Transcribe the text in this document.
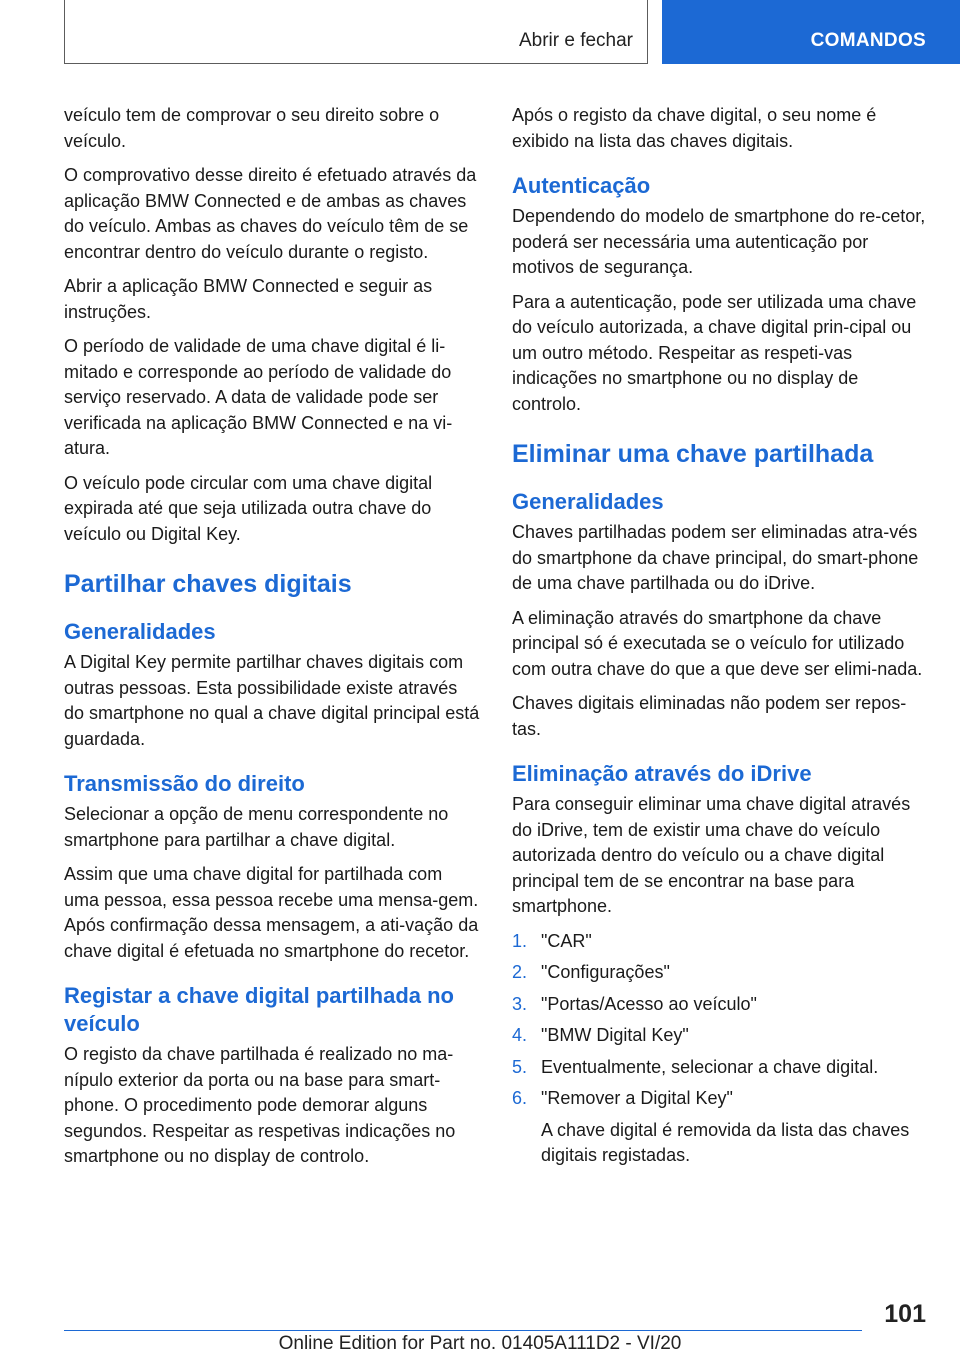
Abrir e fechar	COMANDOS

veículo tem de comprovar o seu direito sobre o veículo.

O comprovativo desse direito é efetuado através da aplicação BMW Connected e de ambas as chaves do veículo. Ambas as chaves do veículo têm de se encontrar dentro do veículo durante o registo.

Abrir a aplicação BMW Connected e seguir as instruções.

O período de validade de uma chave digital é li‐mitado e corresponde ao período de validade do serviço reservado. A data de validade pode ser verificada na aplicação BMW Connected e na vi‐atura.

O veículo pode circular com uma chave digital expirada até que seja utilizada outra chave do veículo ou Digital Key.

Partilhar chaves digitais
Generalidades

A Digital Key permite partilhar chaves digitais com outras pessoas. Esta possibilidade existe através do smartphone no qual a chave digital principal está guardada.

Transmissão do direito

Selecionar a opção de menu correspondente no smartphone para partilhar a chave digital.

Assim que uma chave digital for partilhada com uma pessoa, essa pessoa recebe uma mensa‐gem. Após confirmação dessa mensagem, a ati‐vação da chave digital é efetuada no smartphone do recetor.

Registar a chave digital partilhada no veículo

O registo da chave partilhada é realizado no ma‐nípulo exterior da porta ou na base para smart‐phone. O procedimento pode demorar alguns segundos. Respeitar as respetivas indicações no smartphone ou no display de controlo.

Após o registo da chave digital, o seu nome é exibido na lista das chaves digitais.

Autenticação

Dependendo do modelo de smartphone do re‐cetor, poderá ser necessária uma autenticação por motivos de segurança.

Para a autenticação, pode ser utilizada uma chave do veículo autorizada, a chave digital prin‐cipal ou um outro método. Respeitar as respeti‐vas indicações no smartphone ou no display de controlo.

Eliminar uma chave partilhada
Generalidades

Chaves partilhadas podem ser eliminadas atra‐vés do smartphone da chave principal, do smart‐phone de uma chave partilhada ou do iDrive.

A eliminação através do smartphone da chave principal só é executada se o veículo for utilizado com outra chave do que a que deve ser elimi‐nada.

Chaves digitais eliminadas não podem ser repos‐tas.

Eliminação através do iDrive

Para conseguir eliminar uma chave digital através do iDrive, tem de existir uma chave do veículo autorizada dentro do veículo ou a chave digital principal tem de se encontrar na base para smartphone.

1. "CAR"
2. "Configurações"
3. "Portas/Acesso ao veículo"
4. "BMW Digital Key"
5. Eventualmente, selecionar a chave digital.
6. "Remover a Digital Key"
A chave digital é removida da lista das chaves digitais registadas.
101
Online Edition for Part no. 01405A111D2 - VI/20
